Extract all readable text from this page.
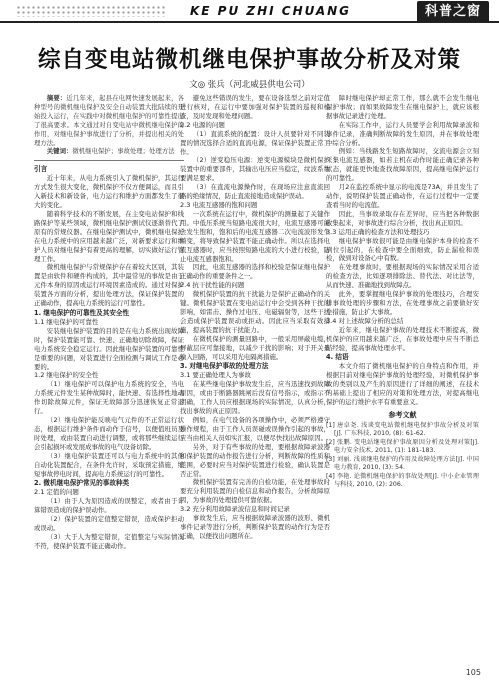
KE PU ZHI CHUANG	科普之窗
综自变电站微机继电保护事故分析及对策
文◎ 张兵（河北威县供电公司）

摘要：近几年来，起县在电网快速发展起来，各种型号的微机继电保护及安全自动装置大批陆续的开始投入运行，在实践中对微机继电保护的可靠性提出了很高要求。本文通过对自变电站中微机继电保护的作用，对继电保护事故进行了分析，并提出相关的处理方法。

关键词：微机继电保护；事故处理；处理方法

引言

近十年来，从电力系统引入了微机保护，其运行方式发生很大变化，微机保护不仅方便调运，而且引入新技术和新设备，电力运行和维护方面都发生了很大的变化。

随着科学技术的不断发展，在主变电站保护和线路保护等某些领域，微机继电保护测试仪逐渐替代了原有的常规仪器。在继电保护测试中，微机继电保护在电力系统中的应用越来越广泛，对新要求运行和维护人员对继电保护有着更高的理解，切实做好运行管理工作。

微机继电保护与常规保护存在着较大区别，其装置是由软件和硬件构成的，其中最常见的事故是由于元件本身的原因或运行环境因素造成的。通过对保护装置各方面的分析，提出处理方法，保证保护装置的正确动作，提高电力系统的运行可靠性。

1. 继电保护的可靠性及其安全性
1.1 继电保护的可靠性

安装继电保护装置的目的是在电力系统出现故障时，保护装置能可靠、快速、正确地切除故障，保证电力系统安全稳定运行。因此继电保护装置的可靠性是重要的问题，对装置进行全面检测与调试工作是必要的。

1.2 继电保护的安全性

（1）继电保护可以保护电力系统的安全，当电力系统元件发生某种故障时，能快速、有选择性地动作切除故障元件，保证无故障部分迅速恢复正常运行。

（2）继电保护能反映电气元件的不正常运行状态，根据运行维护条件而动作于信号，以便值班员及时处理，或由装置自动进行调整，或将那些继续运行会引起损坏或发展成事故的电气设备切除。

（3）继电保护装置还可以与电力系统中的其他自动化装置配合，在条件允许时，采取预定措施，缩短事故停电时间，提高电力系统运行的可靠性。

2. 微机继电保护常见的事故种类
2.1 定值的问题

（1）由于人为原因造成的误整定，或者由于计算错误造成的保护误动作。

（2）保护装置的定值整定错误，造成保护拒动或误动。

（3）大于人为整定错误，定值整定与实际情况不符，使保护装置不能正确动作。

避免这些错误的发生，要在设备选型之前对定值进行核对，在运行中要加强对保护装置的巡视和检查，及时发现和处理问题。

2.2 电源的问题

（1）直流系统的配置：设计人员要针对不同装置的情况选择合适的直流电源，保证保护装置正常工作。

（2）逆变稳压电源：逆变电源模块是微机保护装置中的重要部件，其输出电压应当稳定，纹波系数要满足要求。

（3）在直流电源操作时，在现场应注意直流回路的绝缘情况，防止直流接地造成保护误动。

2.3 电流互感器的饱和问题

一次系统在运行中，微机保护的测量起了关键作用。中低压系统当短路电流很大时，电流互感器可能会发生饱和，饱和后的电流互感器二次电流波形发生畸变，将导致保护装置不能正确动作。所以在选择电流互感器时，应当按照短路电流的大小进行校验，防止电流互感器饱和。

因此，电流互感器的选择和校验是保证继电保护正确动作的重要条件之一。

2.4 抗干扰性能的问题

微机保护装置的抗干扰能力是保护正确动作的关键。微机保护装置在变电站运行中会受到各种干扰的影响，如雷击、操作过电压、电磁辐射等，这些干扰会造成保护装置误动或拒动。因此应当采取有效措施，提高装置的抗干扰能力。

在微机保护的测量回路中，一般采用屏蔽电缆，屏蔽层应可靠接地，以减少干扰的影响；对于开关量输入回路，可以采用光电隔离措施。

3. 对继电保护事故的处理方法
3.1 要正确处理人为事故

在某些继电保护事故发生后，应当迅速找到故障原因，或由于断路器跳闸后没有信号指示，或指示不明确，工作人员应根据现场的实际情况，认真分析，找出事故的真正原因。

例如，在电气设备的各项操作中，必须严格遵守操作规程，由于工作人员误碰或误操作引起的事故，应当由相关人员如实汇报，以便尽快找出故障原因。

另外，对于有些事故的处理，要根据故障录波器和保护装置的动作报告进行分析，判断故障的性质和范围，必要时应当对保护装置进行检验，确认装置是否正常。

微机保护装置有完善的自检功能，在处理事故时要充分利用装置的自检信息和动作报告，分析故障原因，为事故的处理提供可靠依据。

3.2 充分利用故障录波信息和时间记录

事故发生后，应当根据故障录波器的波形、微机事件记录等进行分析，判断保护装置的动作行为是否正确，以便找出问题所在。

障时继电保护却正常工作，那么就不会发生继电保护事故；而如果故障发生在继电保护上，就应该根据事故记录进行处理。

在实际工作中，运行人员要学会利用故障录波和事件记录，准确判断故障的发生原因，并在事故处理中综合分析。

例如：当线路发生短路故障时，交流电源会立刻采集电流互感器，如若主机在动作时能正确记录各种状态，就能更快地查找故障原因，提高继电保护运行的可靠性。

月2在监控系统中显示的电流是73A，并且发生了动作，说明保护装置正确动作，在运行过程中一定要查看当时的电流值。

因此，当事故录取存在差异时，应当把各种数据收集起来，对事故进行综合分析，找出真正原因。

3.3 运用正确的检查方法和处理技巧

继电保护事故很可能是由继电保护本身的检查不到位引起的，在检查中要全面细致，防止漏检和误检，做到对设备心中有数。

在处理事故时，要根据现场的实际情况采用合适的检查方法，比如逐项排除法、替代法、对比法等，从而快速、准确地找到故障点。

此外，要掌握继电保护事故的处理技巧，合理安排事故处理的步骤和方法，在处理事故之前要做好安全措施，防止扩大事故。

3.4 对上述故障分析的总结

近年来，继电保护事故的处理技术不断提高，微机保护的应用越来越广泛，在事故处理中应当不断总结经验，提高事故处理水平。

4. 结语

本文介绍了微机继电保护的自身特点和作用，并根据目前对继电保护事故的处理经验，对微机保护事故的类别以及产生的原因进行了详细的阐述，在技术的基础上提出了相应的对策和处理方法，对提高继电保护的运行维护水平有重要意义。

参考文献

[1] 唐卓尧. 浅谈变电站微机继电保护事故分析及对策[J]. 广东科技, 2010, (8): 61-62.

[2] 张鹏. 变电站继电保护事故原因分析及处理对策[J]. 电力安全技术, 2011, (1): 181-183.

[3] 刘丽. 浅谈继电保护的作用及故障处理方法[J]. 中国电力教育, 2010, (3): 54.

[4] 李艳. 论微机继电保护的事故处理[J]. 中小企业管理与科技, 2010, (2): 206.

105
